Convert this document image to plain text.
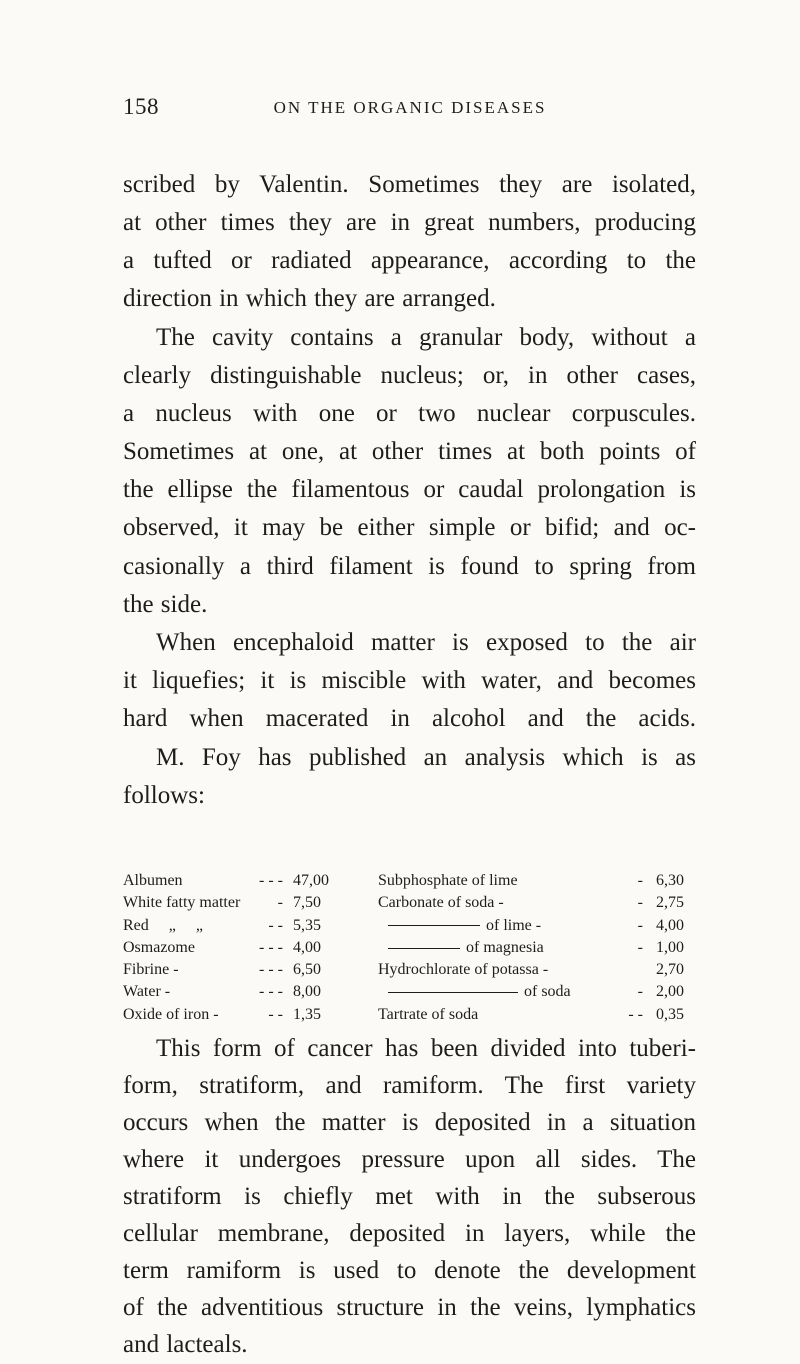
158	ON THE ORGANIC DISEASES

scribed by Valentin. Sometimes they are isolated,

at other times they are in great numbers, producing

a tufted or radiated appearance, according to the

direction in which they are arranged.

The cavity contains a granular body, without a

clearly distinguishable nucleus; or, in other cases,

a nucleus with one or two nuclear corpuscules.

Sometimes at one, at other times at both points of

the ellipse the filamentous or caudal prolongation is

observed, it may be either simple or bifid; and oc-

casionally a third filament is found to spring from

the side.

When encephaloid matter is exposed to the air

it liquefies; it is miscible with water, and becomes

hard when macerated in alcohol and the acids.

M. Foy has published an analysis which is as

follows:

Albumen	- - - 47,00	Subphosphate of lime	- 6,30
White fatty matter	- 7,50	Carbonate of soda -	- 2,75
Red     „     „	- - 5,35	of lime -	- 4,00
Osmazome	- - - 4,00	of magnesia	- 1,00
Fibrine -	- - - 6,50	Hydrochlorate of potassa -	2,70
Water -	- - - 8,00	of soda	- 2,00
Oxide of iron -	- - 1,35	Tartrate of soda	- - 0,35

This form of cancer has been divided into tuberi-

form, stratiform, and ramiform. The first variety

occurs when the matter is deposited in a situation

where it undergoes pressure upon all sides. The

stratiform is chiefly met with in the subserous

cellular membrane, deposited in layers, while the

term ramiform is used to denote the development

of the adventitious structure in the veins, lymphatics

and lacteals.
